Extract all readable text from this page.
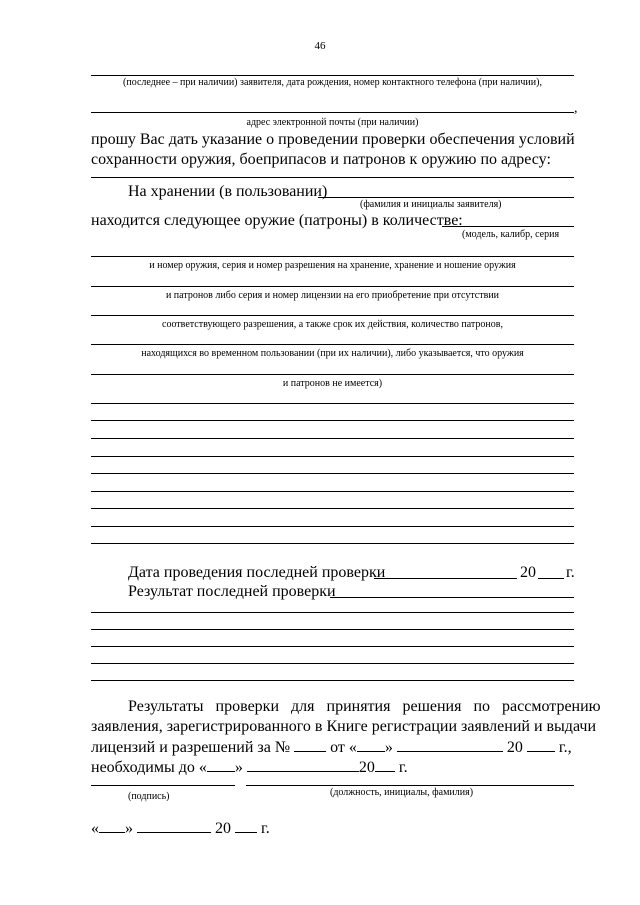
46
(последнее – при наличии) заявителя, дата рождения, номер контактного телефона (при наличии),
,
адрес электронной почты (при наличии)
прошу Вас дать указание о проведении проверки обеспечения условий
сохранности оружия, боеприпасов и патронов к оружию по адресу:
На хранении (в пользовании)
(фамилия и инициалы заявителя)
находится следующее оружие (патроны) в количестве:
(модель, калибр, серия
и номер оружия, серия и номер разрешения на хранение, хранение и ношение оружия
и патронов либо серия и номер лицензии на его приобретение при отсутствии
соответствующего разрешения, а также срок их действия, количество патронов,
находящихся во временном пользовании (при их наличии), либо указывается, что оружия
и патронов не имеется)
Дата проведения последней проверки	20 г.
Результат последней проверки
Результаты   проверки   для   принятия   решения   по   рассмотрению
заявления, зарегистрированного в Книге регистрации заявлений и выдачи
лицензий и разрешений за №	от « »	20 г.,
необходимы до « »	20 г.
(подпись)	(должность, инициалы, фамилия)
« »	20 г.
